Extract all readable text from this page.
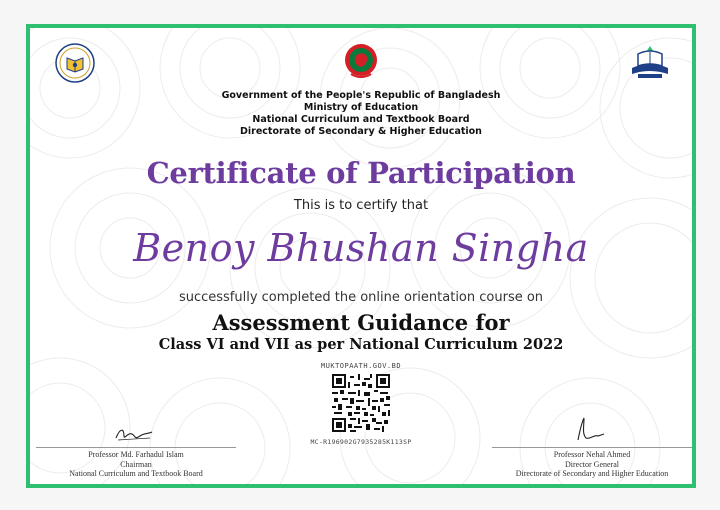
Government of the People's Republic of Bangladesh
Ministry of Education
National Curriculum and Textbook Board
Directorate of Secondary & Higher Education
Certificate of Participation
This is to certify that
Benoy Bhushan Singha
successfully completed the online orientation course on
Assessment Guidance for
Class VI and VII as per National Curriculum 2022
MUKTOPAATH.GOV.BD
MC-R196902G7935285K113SP
Professor Md. Farhadul Islam
Chairman
National Curriculum and Textbook Board
Professor Nehal Ahmed
Director General
Directorate of Secondary and Higher Education
